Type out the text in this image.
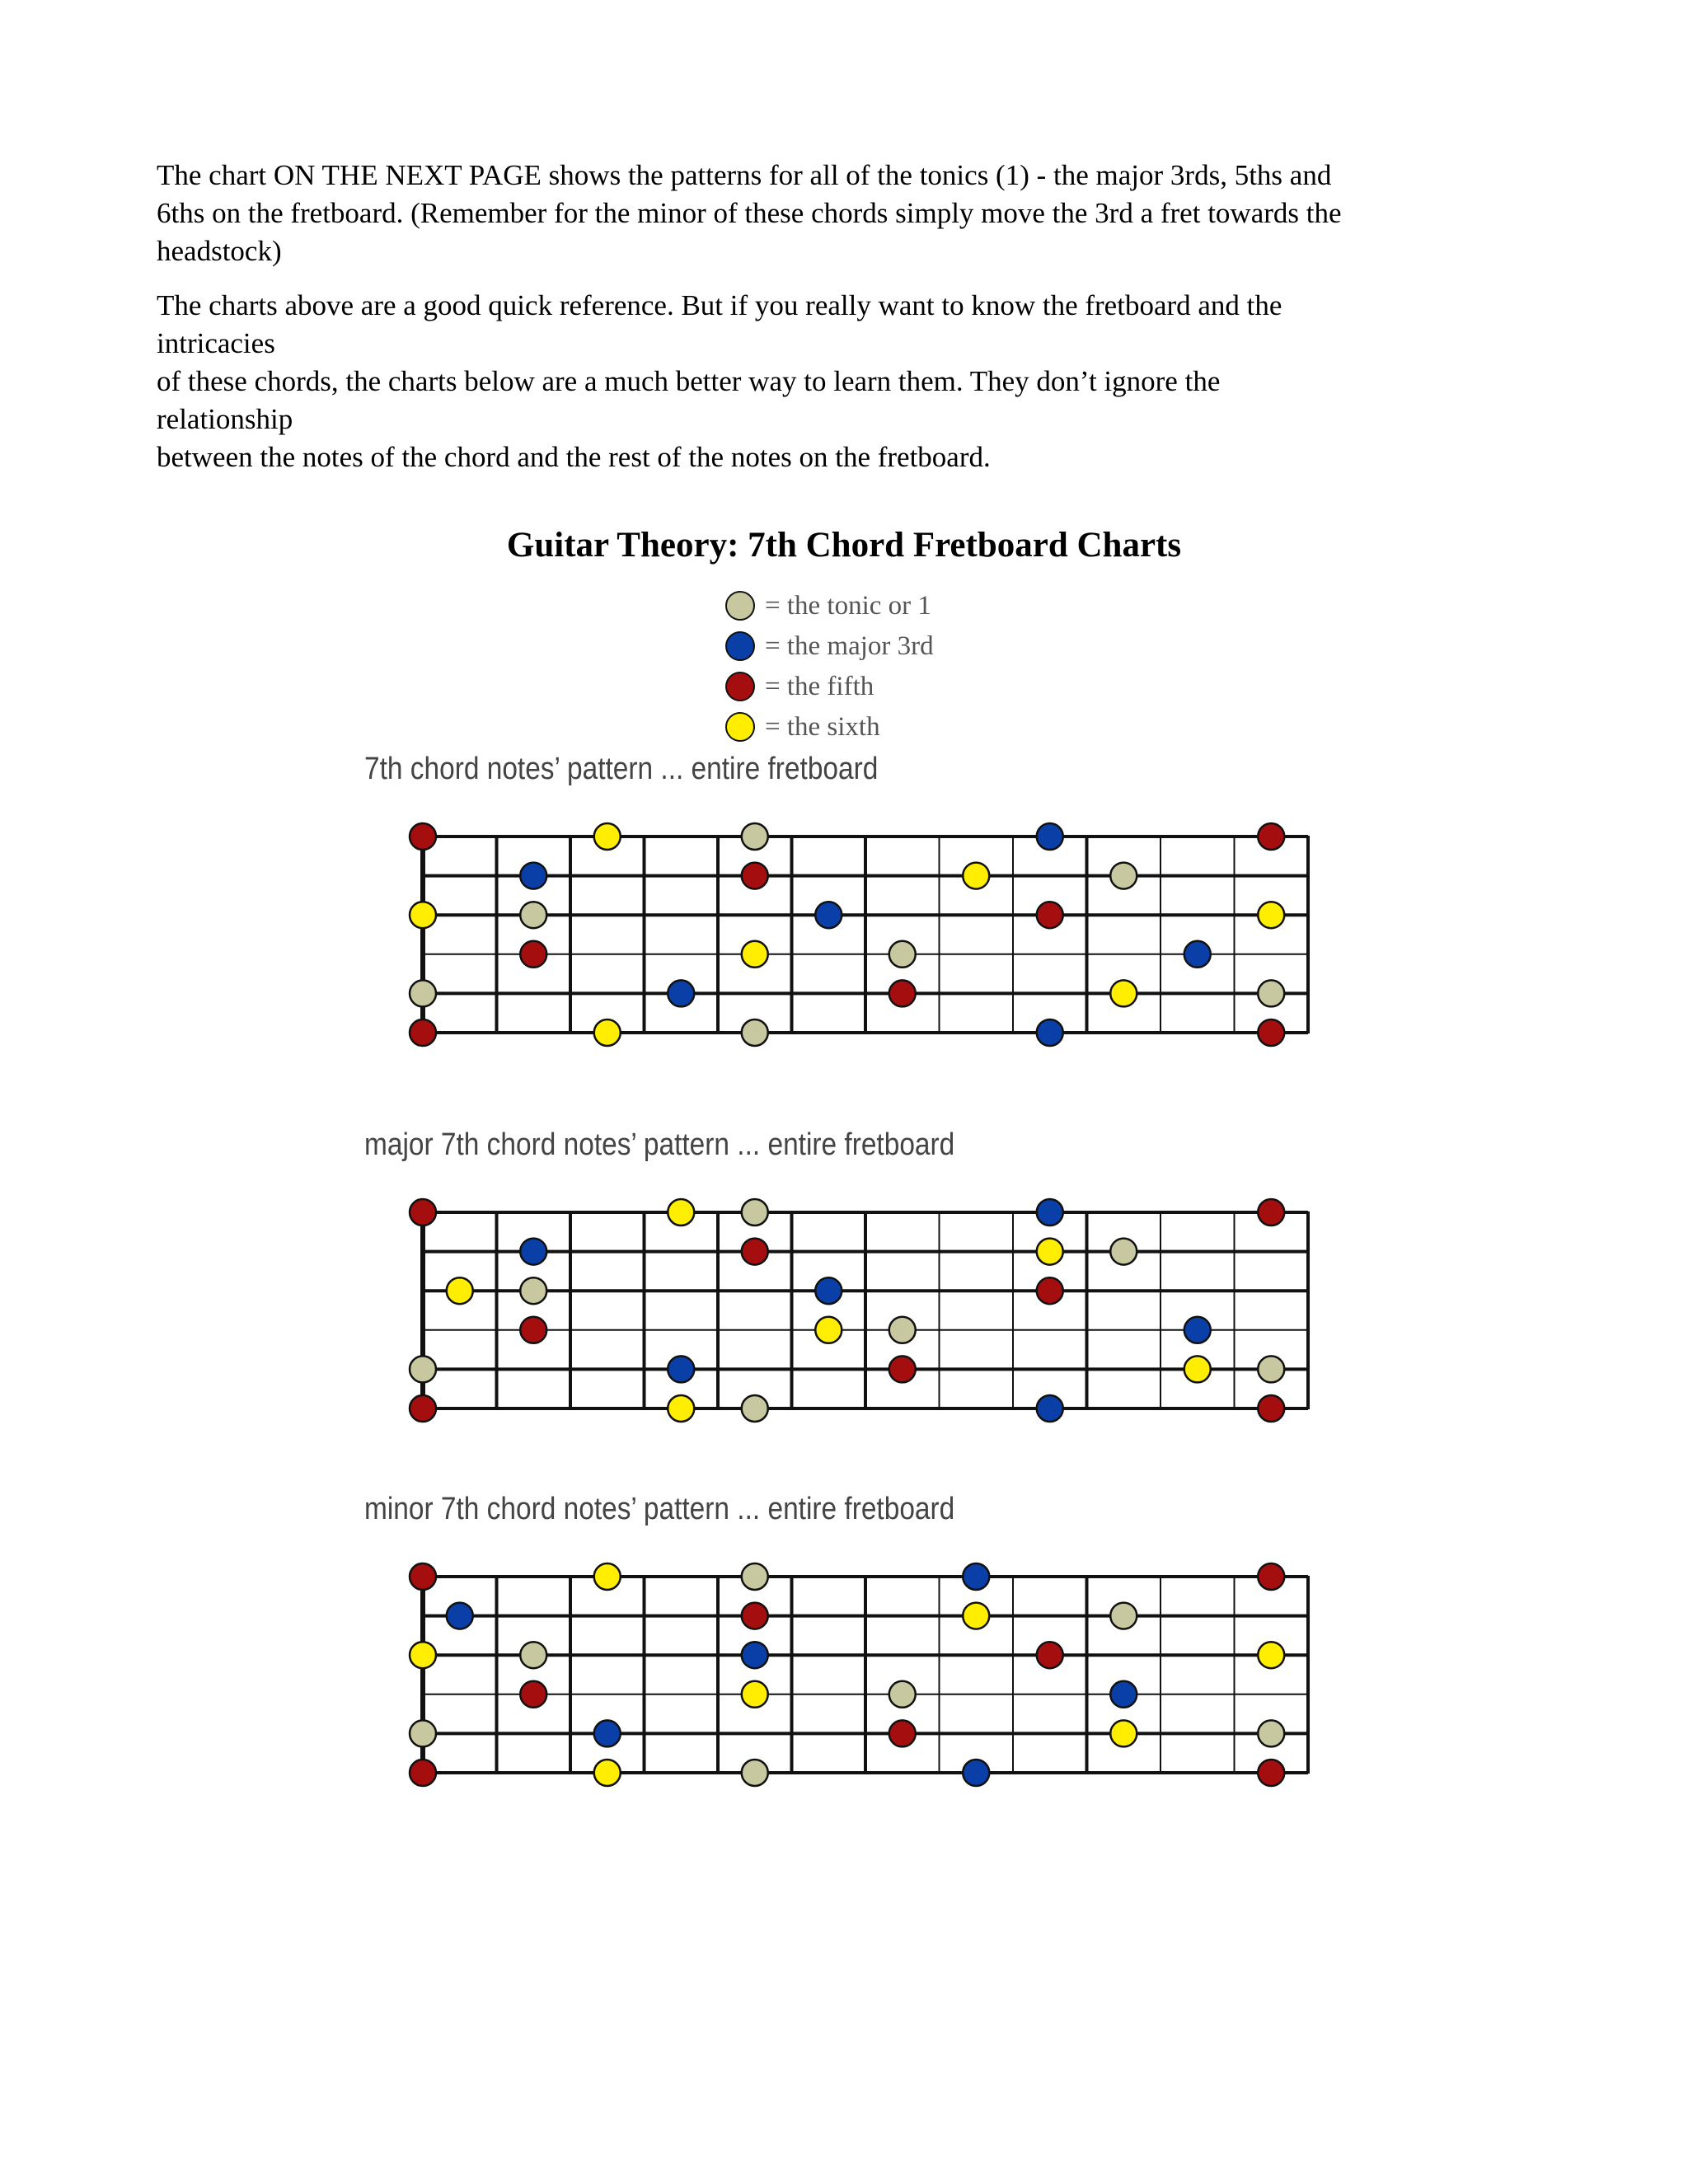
The chart ON THE NEXT PAGE shows the patterns for all of the tonics (1) - the major 3rds, 5ths and
6ths on the fretboard. (Remember for the minor of these chords simply move the 3rd a fret towards the
headstock)

The charts above are a good quick reference. But if you really want to know the fretboard and the
intricacies
of these chords, the charts below are a much better way to learn them. They don’t ignore the
relationship
between the notes of the chord and the rest of the notes on the fretboard.

Guitar Theory: 7th Chord Fretboard Charts
= the tonic or 1
= the major 3rd
= the fifth
= the sixth

7th chord notes’ pattern ... entire fretboard

major 7th chord notes’ pattern ... entire fretboard

minor 7th chord notes’ pattern ... entire fretboard
